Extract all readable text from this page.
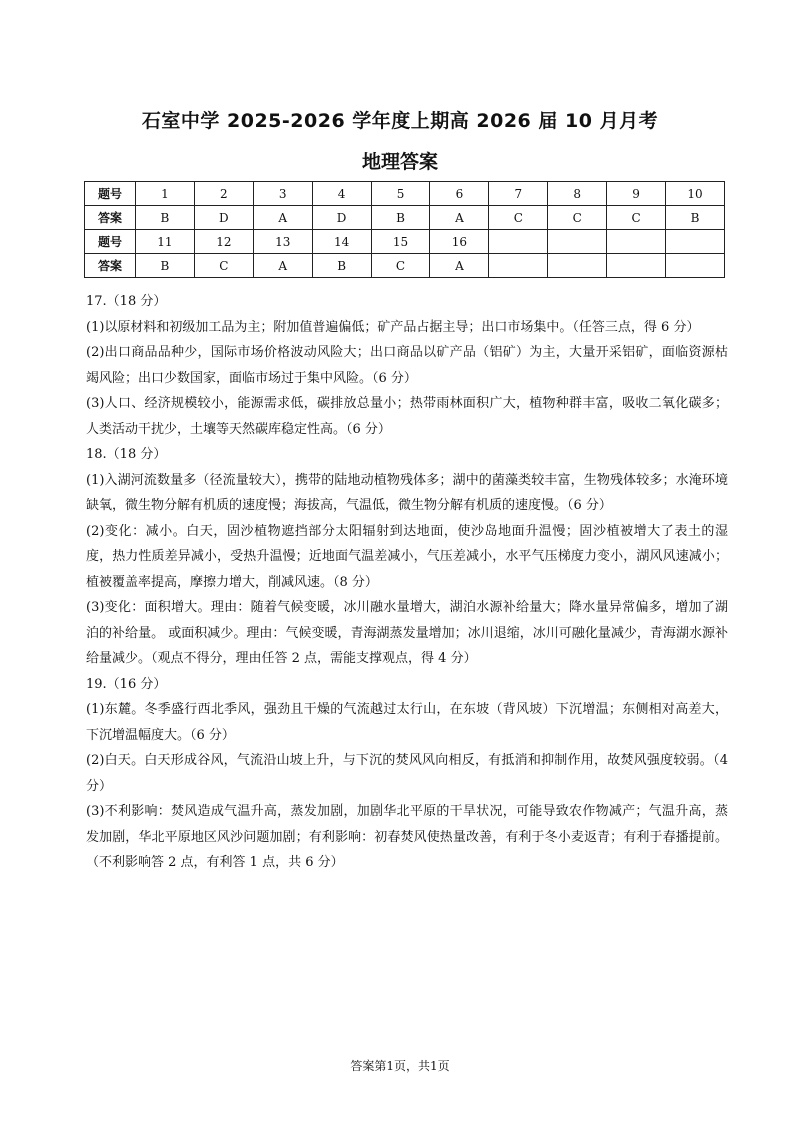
石室中学 2025-2026 学年度上期高 2026 届 10 月月考
地理答案
题号	1	2	3	4	5	6	7	8	9	10
答案	B	D	A	D	B	A	C	C	C	B
题号	11	12	13	14	15	16				
答案	B	C	A	B	C	A				

17.（18 分）

(1)以原材料和初级加工品为主；附加值普遍偏低；矿产品占据主导；出口市场集中。（任答三点，得 6 分）

(2)出口商品品种少，国际市场价格波动风险大；出口商品以矿产品（铝矿）为主，大量开采铝矿，面临资源枯竭风险；出口少数国家，面临市场过于集中风险。（6 分）

(3)人口、经济规模较小，能源需求低，碳排放总量小；热带雨林面积广大，植物种群丰富，吸收二氧化碳多；人类活动干扰少，土壤等天然碳库稳定性高。（6 分）

18.（18 分）

(1)入湖河流数量多（径流量较大），携带的陆地动植物残体多；湖中的菌藻类较丰富，生物残体较多；水淹环境缺氧，微生物分解有机质的速度慢；海拔高，气温低，微生物分解有机质的速度慢。（6 分）

(2)变化：减小。白天，固沙植物遮挡部分太阳辐射到达地面，使沙岛地面升温慢；固沙植被增大了表土的湿度，热力性质差异减小，受热升温慢；近地面气温差减小，气压差减小，水平气压梯度力变小，湖风风速减小；植被覆盖率提高，摩擦力增大，削减风速。（8 分）

(3)变化：面积增大。理由：随着气候变暖，冰川融水量增大，湖泊水源补给量大；降水量异常偏多，增加了湖泊的补给量。 或面积减少。理由：气候变暖，青海湖蒸发量增加；冰川退缩，冰川可融化量减少，青海湖水源补给量减少。（观点不得分，理由任答 2 点，需能支撑观点，得 4 分）

19.（16 分）

(1)东麓。冬季盛行西北季风，强劲且干燥的气流越过太行山，在东坡（背风坡）下沉增温；东侧相对高差大，下沉增温幅度大。（6 分）

(2)白天。白天形成谷风，气流沿山坡上升，与下沉的焚风风向相反，有抵消和抑制作用，故焚风强度较弱。（4 分）

(3)不利影响：焚风造成气温升高，蒸发加剧，加剧华北平原的干旱状况，可能导致农作物减产；气温升高，蒸发加剧，华北平原地区风沙问题加剧；有利影响：初春焚风使热量改善，有利于冬小麦返青；有利于春播提前。（不利影响答 2 点，有利答 1 点，共 6 分）

答案第1页，共1页
